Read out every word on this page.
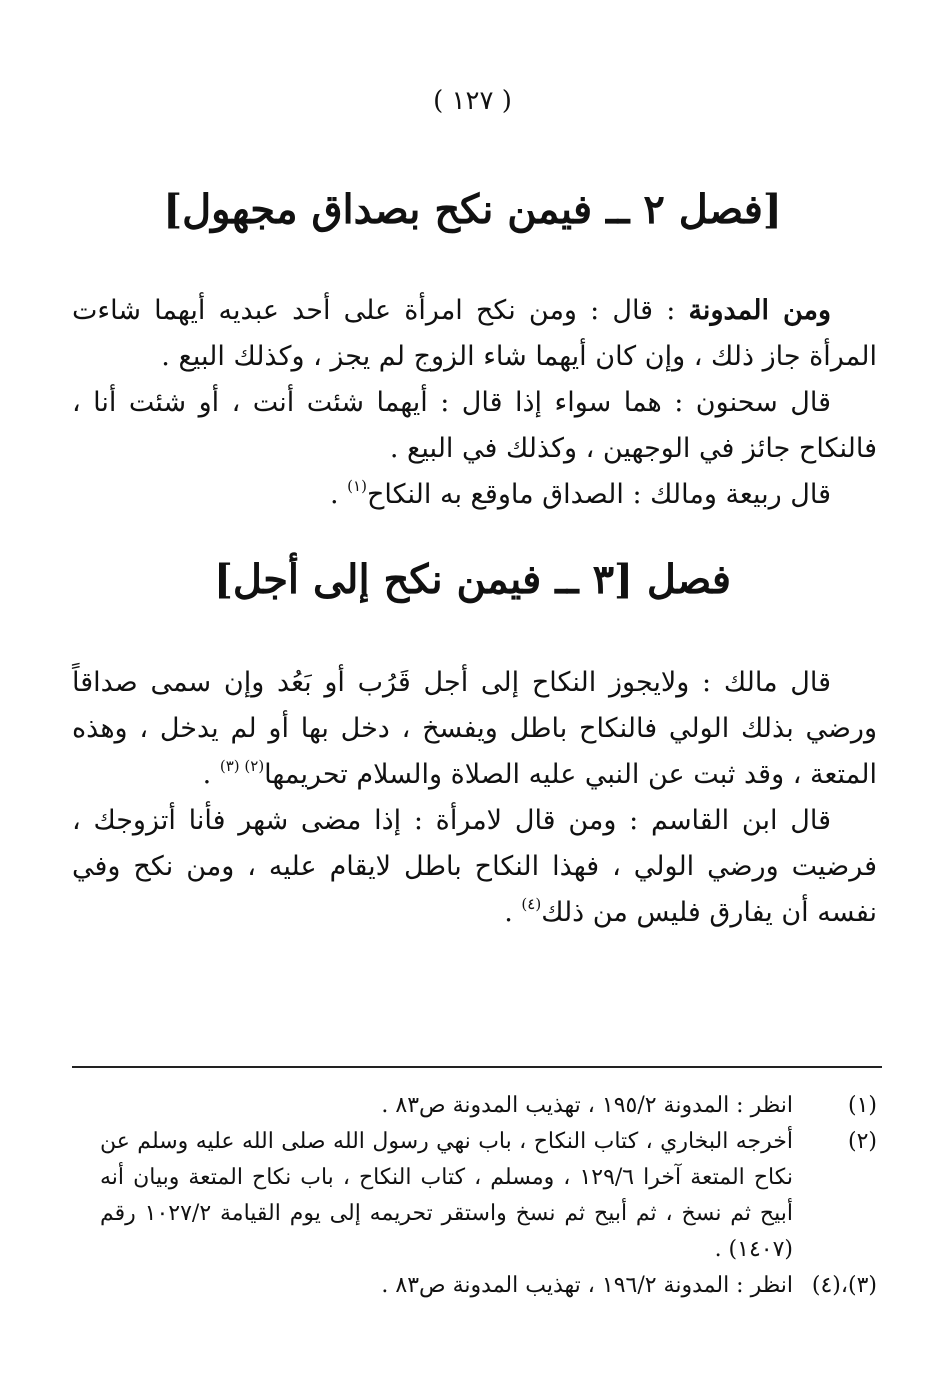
( ١٢٧ )
[فصل ٢ ــ فيمن نكح بصداق مجهول]

ومن المدونة : قال : ومن نكح امرأة على أحد عبديه أيهما شاءت المرأة جاز ذلك ، وإن كان أيهما شاء الزوج لم يجز ، وكذلك البيع .

قال سحنون : هما سواء إذا قال : أيهما شئت أنت ، أو شئت أنا ، فالنكاح جائز في الوجهين ، وكذلك في البيع .

قال ربيعة ومالك : الصداق ماوقع به النكاح$^{(١)}$ .

فصل [٣ ــ فيمن نكح إلى أجل]

قال مالك : ولايجوز النكاح إلى أجل قَرُب أو بَعُد وإن سمى صداقاً ورضي بذلك الولي فالنكاح باطل ويفسخ ، دخل بها أو لم يدخل ، وهذه المتعة ، وقد ثبت عن النبي عليه الصلاة والسلام تحريمها$^{(٢) (٣)}$ .

قال ابن القاسم : ومن قال لامرأة : إذا مضى شهر فأنا أتزوجك ، فرضيت ورضي الولي ، فهذا النكاح باطل لايقام عليه ، ومن نكح وفي نفسه أن يفارق فليس من ذلك$^{(٤)}$ .

(١)
انظر : المدونة ١٩٥/٢ ، تهذيب المدونة ص٨٣ .
(٢)
أخرجه البخاري ، كتاب النكاح ، باب نهي رسول الله صلى الله عليه وسلم عن نكاح المتعة آخرا ١٢٩/٦ ، ومسلم ، كتاب النكاح ، باب نكاح المتعة وبيان أنه أبيح ثم نسخ ، ثم أبيح ثم نسخ واستقر تحريمه إلى يوم القيامة ١٠٢٧/٢ رقم (١٤٠٧) .
(٣)،(٤)
انظر : المدونة ١٩٦/٢ ، تهذيب المدونة ص٨٣ .
